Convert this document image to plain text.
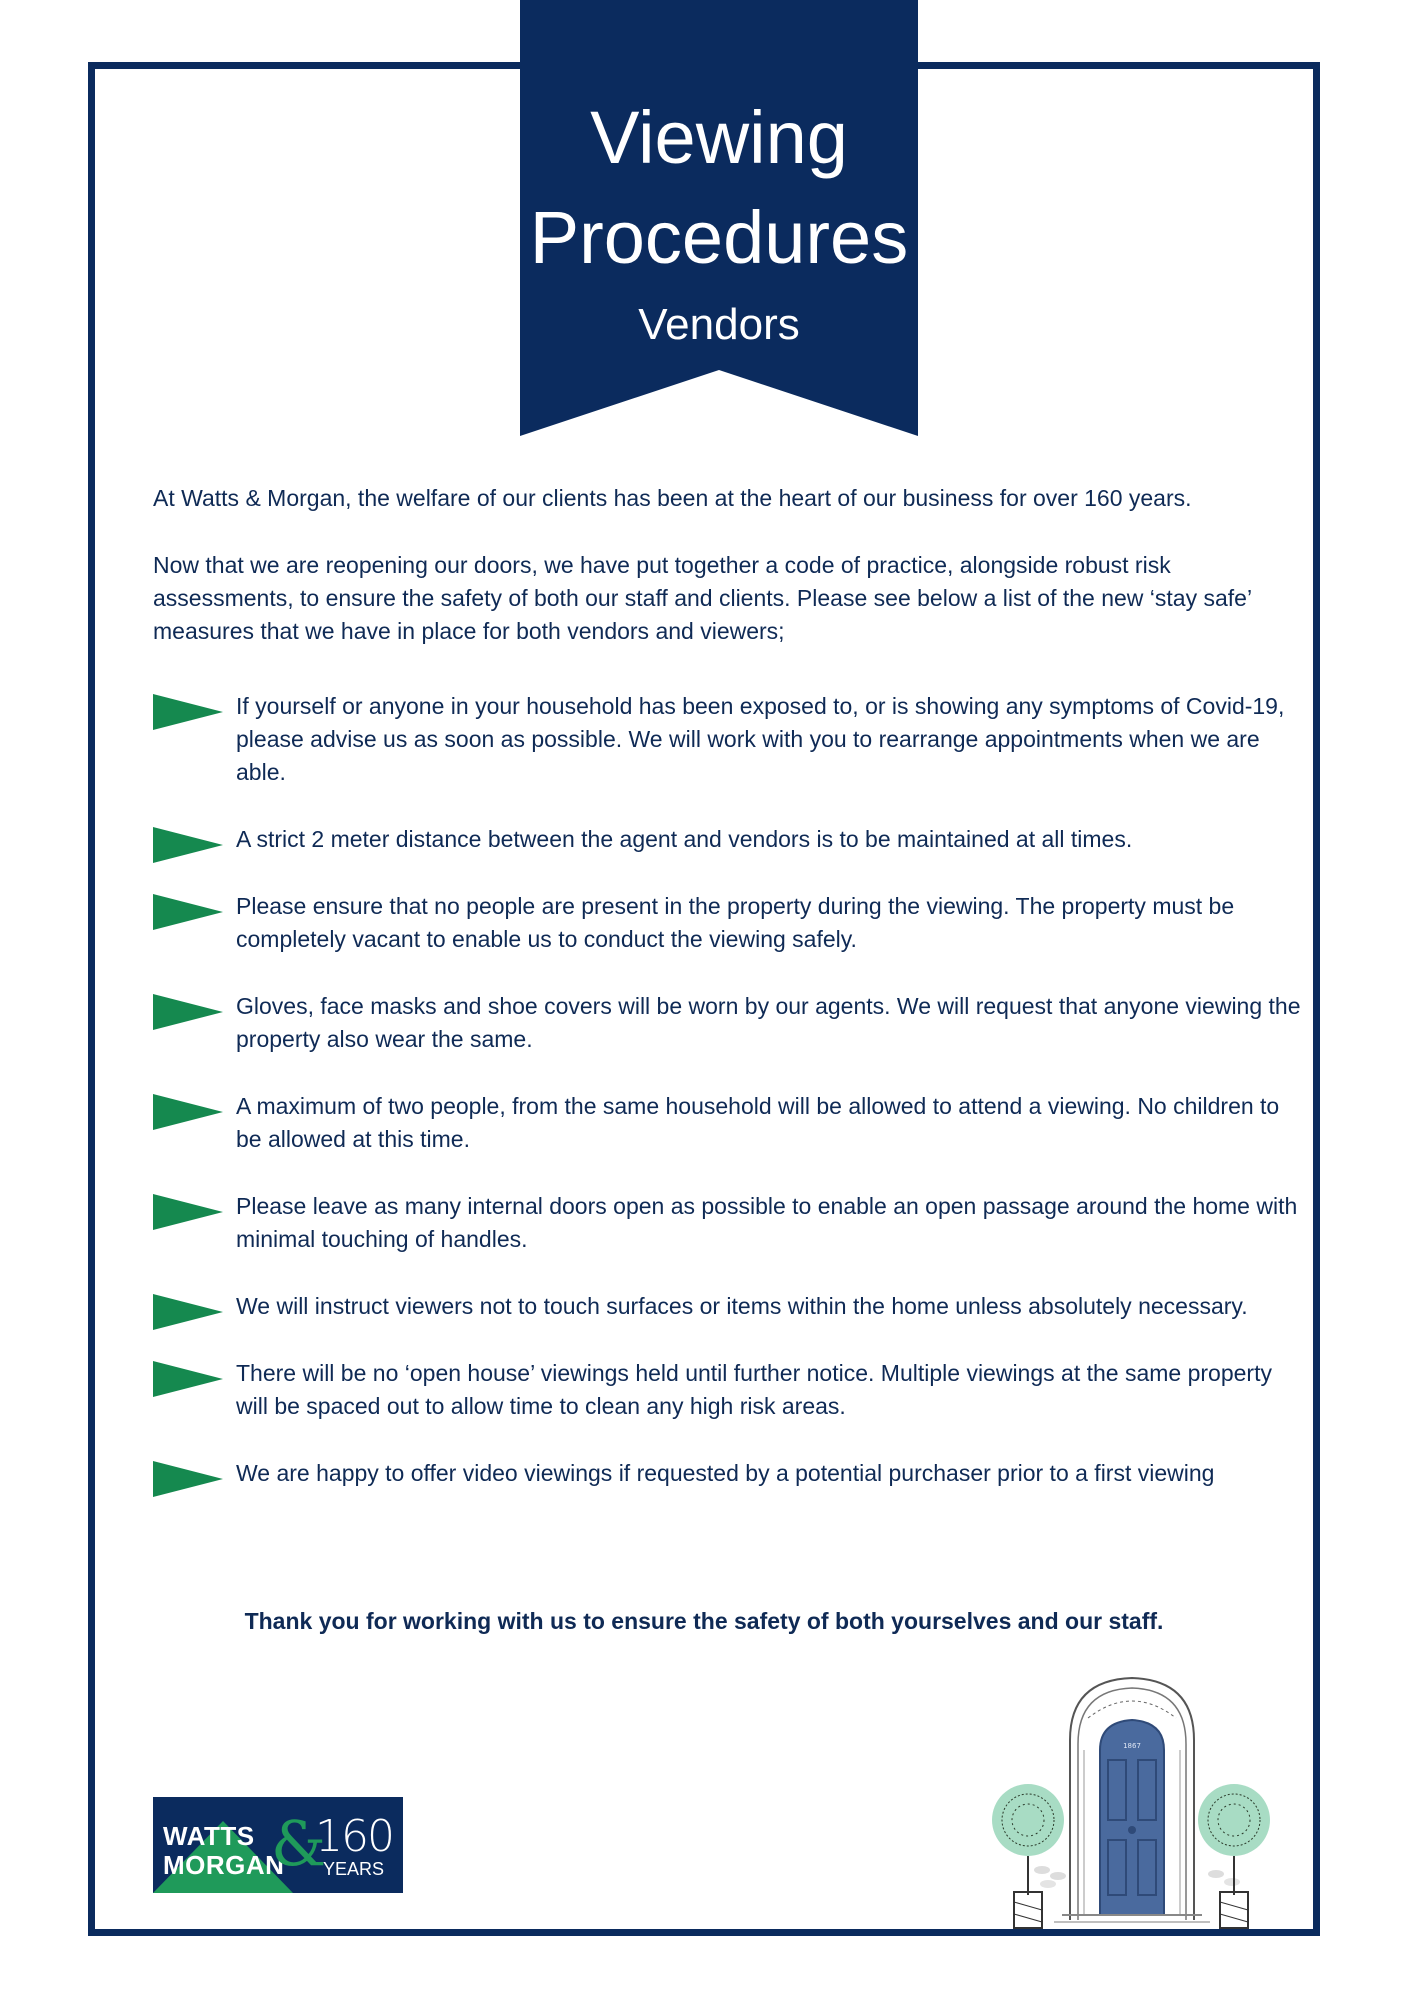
Viewing
Procedures
Vendors

At Watts & Morgan, the welfare of our clients has been at the heart of our business for over 160 years.

Now that we are reopening our doors, we have put together a code of practice, alongside robust risk assessments, to ensure the safety of both our staff and clients. Please see below a list of the new ‘stay safe’ measures that we have in place for both vendors and viewers;

If yourself or anyone in your household has been exposed to, or is showing any symptoms of Covid-19, please advise us as soon as possible. We will work with you to rearrange appointments when we are able.
A strict 2 meter distance between the agent and vendors is to be maintained at all times.
Please ensure that no people are present in the property during the viewing. The property must be completely vacant to enable us to conduct the viewing safely.
Gloves, face masks and shoe covers will be worn by our agents. We will request that anyone viewing the property also wear the same.
A maximum of two people, from the same household will be allowed to attend a viewing. No children to be allowed at this time.
Please leave as many internal doors open as possible to enable an open passage around the home with minimal touching of handles.
We will instruct viewers not to touch surfaces or items within the home unless absolutely necessary.
There will be no ‘open house’ viewings held until further notice. Multiple viewings at the same property will be spaced out to allow time to clean any high risk areas.
We are happy to offer video viewings if requested by a potential purchaser prior to a first viewing
Thank you for working with us to ensure the safety of both yourselves and our staff.
WATTS
MORGAN
&
160
YEARS
1867
